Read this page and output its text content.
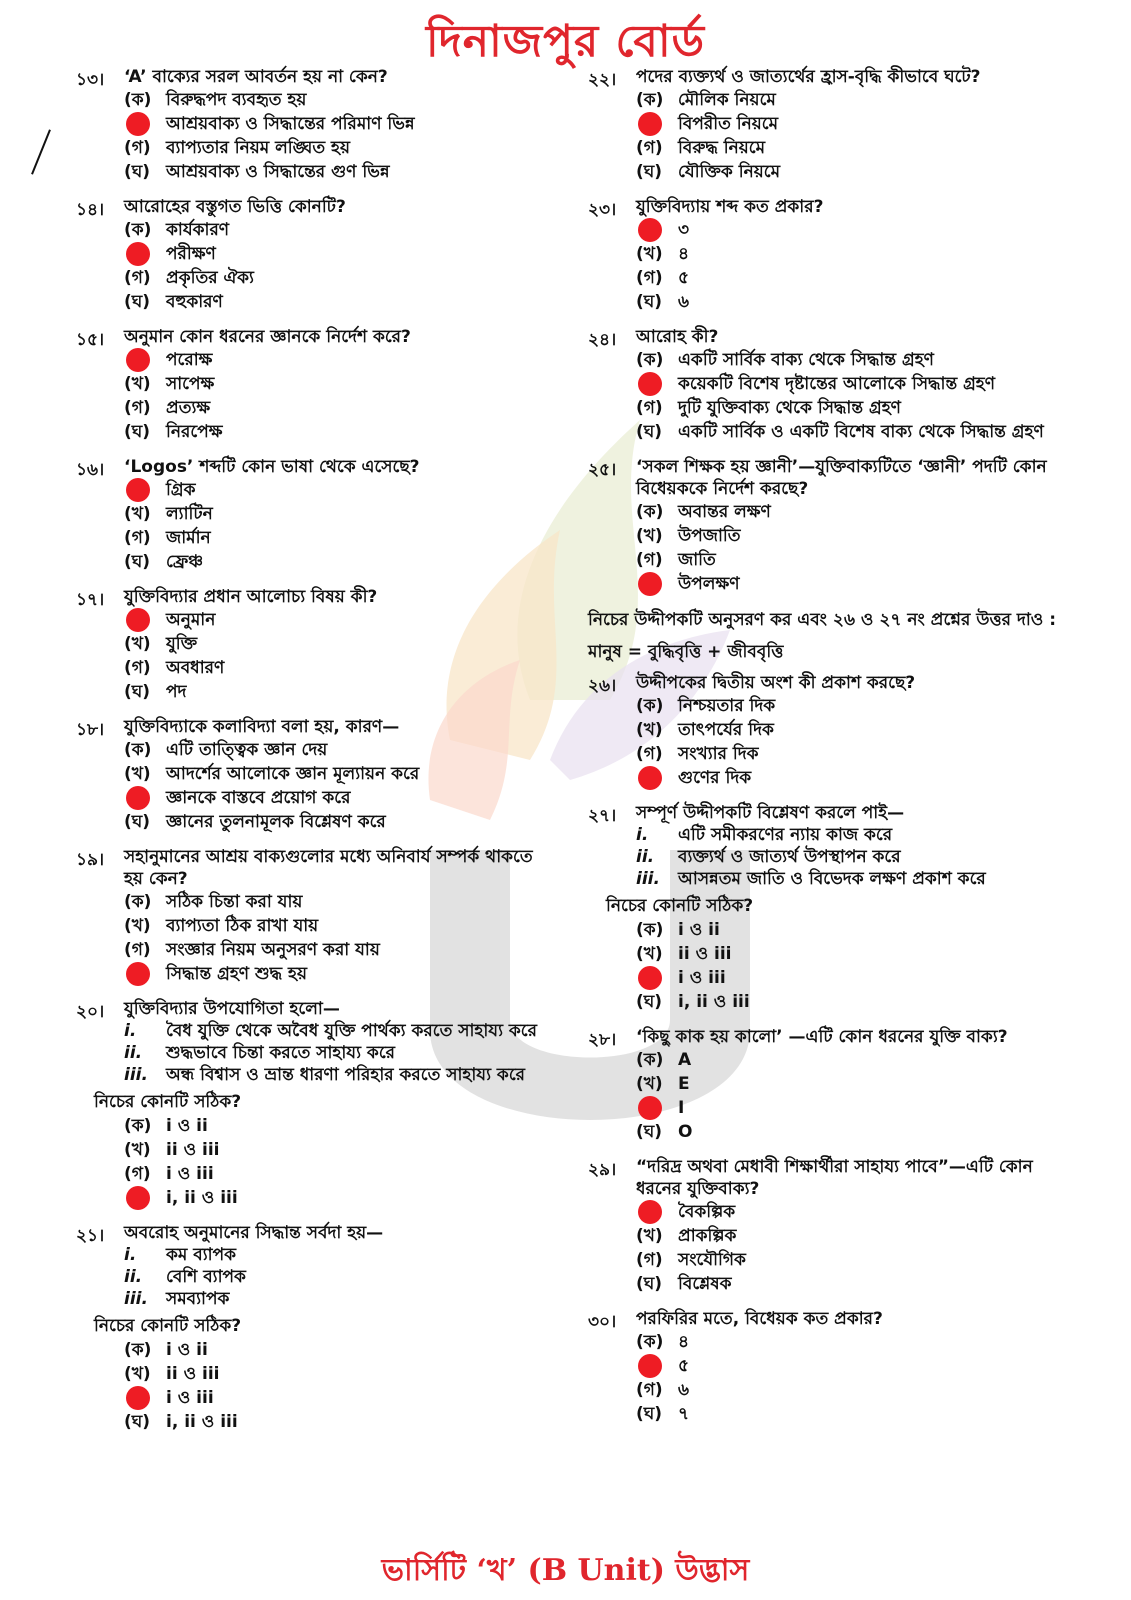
দিনাজপুর বোর্ড
১৩।	‘A’ বাক্যের সরল আবর্তন হয় না কেন?
(ক) বিরুদ্ধপদ ব্যবহৃত হয়
আশ্রয়বাক্য ও সিদ্ধান্তের পরিমাণ ভিন্ন
(গ) ব্যাপ্যতার নিয়ম লঙ্ঘিত হয়
(ঘ) আশ্রয়বাক্য ও সিদ্ধান্তের গুণ ভিন্ন
১৪।	আরোহের বস্তুগত ভিত্তি কোনটি?
(ক) কার্যকারণ
পরীক্ষণ
(গ) প্রকৃতির ঐক্য
(ঘ) বহুকারণ
১৫।	অনুমান কোন ধরনের জ্ঞানকে নির্দেশ করে?
পরোক্ষ
(খ) সাপেক্ষ
(গ) প্রত্যক্ষ
(ঘ) নিরপেক্ষ
১৬।	‘Logos’ শব্দটি কোন ভাষা থেকে এসেছে?
গ্রিক
(খ) ল্যাটিন
(গ) জার্মান
(ঘ) ফ্রেঞ্চ
১৭।	যুক্তিবিদ্যার প্রধান আলোচ্য বিষয় কী?
অনুমান
(খ) যুক্তি
(গ) অবধারণ
(ঘ) পদ
১৮।	যুক্তিবিদ্যাকে কলাবিদ্যা বলা হয়, কারণ—
(ক) এটি তাত্ত্বিক জ্ঞান দেয়
(খ) আদর্শের আলোকে জ্ঞান মূল্যায়ন করে
জ্ঞানকে বাস্তবে প্রয়োগ করে
(ঘ) জ্ঞানের তুলনামূলক বিশ্লেষণ করে
১৯।	সহানুমানের আশ্রয় বাক্যগুলোর মধ্যে অনিবার্য সম্পর্ক থাকতে হয় কেন?
(ক) সঠিক চিন্তা করা যায়
(খ) ব্যাপ্যতা ঠিক রাখা যায়
(গ) সংজ্ঞার নিয়ম অনুসরণ করা যায়
সিদ্ধান্ত গ্রহণ শুদ্ধ হয়
২০।	যুক্তিবিদ্যার উপযোগিতা হলো—
i.	বৈধ যুক্তি থেকে অবৈধ যুক্তি পার্থক্য করতে সাহায্য করে
ii.	শুদ্ধভাবে চিন্তা করতে সাহায্য করে
iii.	অন্ধ বিশ্বাস ও ভ্রান্ত ধারণা পরিহার করতে সাহায্য করে
নিচের কোনটি সঠিক?
(ক) i ও ii
(খ) ii ও iii
(গ) i ও iii
i, ii ও iii
২১।	অবরোহ অনুমানের সিদ্ধান্ত সর্বদা হয়—
i.	কম ব্যাপক
ii.	বেশি ব্যাপক
iii.	সমব্যাপক
নিচের কোনটি সঠিক?
(ক) i ও ii
(খ) ii ও iii
i ও iii
(ঘ) i, ii ও iii
২২।	পদের ব্যক্ত্যর্থ ও জাত্যর্থের হ্রাস-বৃদ্ধি কীভাবে ঘটে?
(ক) মৌলিক নিয়মে
বিপরীত নিয়মে
(গ) বিরুদ্ধ নিয়মে
(ঘ) যৌক্তিক নিয়মে
২৩।	যুক্তিবিদ্যায় শব্দ কত প্রকার?
৩
(খ) ৪
(গ) ৫
(ঘ) ৬
২৪।	আরোহ কী?
(ক) একটি সার্বিক বাক্য থেকে সিদ্ধান্ত গ্রহণ
কয়েকটি বিশেষ দৃষ্টান্তের আলোকে সিদ্ধান্ত গ্রহণ
(গ) দুটি যুক্তিবাক্য থেকে সিদ্ধান্ত গ্রহণ
(ঘ) একটি সার্বিক ও একটি বিশেষ বাক্য থেকে সিদ্ধান্ত গ্রহণ
২৫।	‘সকল শিক্ষক হয় জ্ঞানী’—যুক্তিবাক্যটিতে ‘জ্ঞানী’ পদটি কোন বিধেয়ককে নির্দেশ করছে?
(ক) অবান্তর লক্ষণ
(খ) উপজাতি
(গ) জাতি
উপলক্ষণ
নিচের উদ্দীপকটি অনুসরণ কর এবং ২৬ ও ২৭ নং প্রশ্নের উত্তর দাও :
মানুষ = বুদ্ধিবৃত্তি + জীববৃত্তি
২৬।	উদ্দীপকের দ্বিতীয় অংশ কী প্রকাশ করছে?
(ক) নিশ্চয়তার দিক
(খ) তাৎপর্যের দিক
(গ) সংখ্যার দিক
গুণের দিক
২৭।	সম্পূর্ণ উদ্দীপকটি বিশ্লেষণ করলে পাই—
i.	এটি সমীকরণের ন্যায় কাজ করে
ii.	ব্যক্ত্যর্থ ও জাত্যর্থ উপস্থাপন করে
iii.	আসন্নতম জাতি ও বিভেদক লক্ষণ প্রকাশ করে
নিচের কোনটি সঠিক?
(ক) i ও ii
(খ) ii ও iii
i ও iii
(ঘ) i, ii ও iii
২৮।	‘কিছু কাক হয় কালো’ —এটি কোন ধরনের যুক্তি বাক্য?
(ক) A
(খ) E
I
(ঘ) O
২৯।	“দরিদ্র অথবা মেধাবী শিক্ষার্থীরা সাহায্য পাবে”—এটি কোন ধরনের যুক্তিবাক্য?
বৈকল্পিক
(খ) প্রাকল্পিক
(গ) সংযৌগিক
(ঘ) বিশ্লেষক
৩০।	পরফিরির মতে, বিধেয়ক কত প্রকার?
(ক) ৪
৫
(গ) ৬
(ঘ) ৭
ভার্সিটি ‘খ’ (B Unit) উদ্ভাস
